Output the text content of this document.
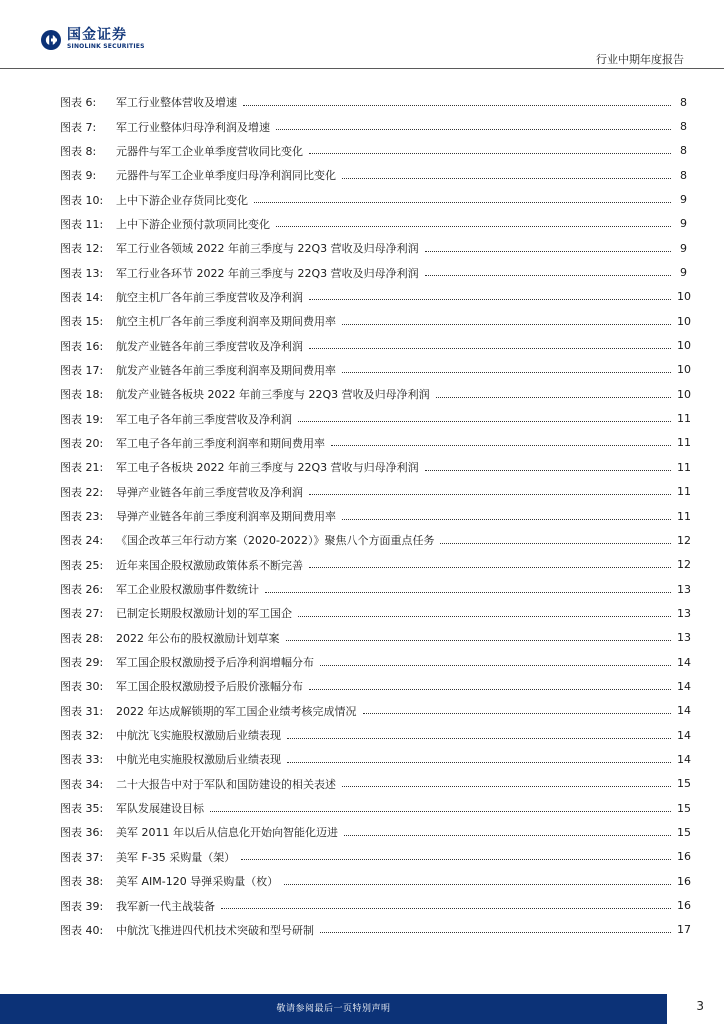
国金证券
SINOLINK SECURITIES
行业中期年度报告
图表 6:	军工行业整体营收及增速	8
图表 7:	军工行业整体归母净利润及增速	8
图表 8:	元器件与军工企业单季度营收同比变化	8
图表 9:	元器件与军工企业单季度归母净利润同比变化	8
图表 10:	上中下游企业存货同比变化	9
图表 11:	上中下游企业预付款项同比变化	9
图表 12:	军工行业各领域 2022 年前三季度与 22Q3 营收及归母净利润	9
图表 13:	军工行业各环节 2022 年前三季度与 22Q3 营收及归母净利润	9
图表 14:	航空主机厂各年前三季度营收及净利润	10
图表 15:	航空主机厂各年前三季度利润率及期间费用率	10
图表 16:	航发产业链各年前三季度营收及净利润	10
图表 17:	航发产业链各年前三季度利润率及期间费用率	10
图表 18:	航发产业链各板块 2022 年前三季度与 22Q3 营收及归母净利润	10
图表 19:	军工电子各年前三季度营收及净利润	11
图表 20:	军工电子各年前三季度利润率和期间费用率	11
图表 21:	军工电子各板块 2022 年前三季度与 22Q3 营收与归母净利润	11
图表 22:	导弹产业链各年前三季度营收及净利润	11
图表 23:	导弹产业链各年前三季度利润率及期间费用率	11
图表 24:	《国企改革三年行动方案（2020-2022）》聚焦八个方面重点任务	12
图表 25:	近年来国企股权激励政策体系不断完善	12
图表 26:	军工企业股权激励事件数统计	13
图表 27:	已制定长期股权激励计划的军工国企	13
图表 28:	2022 年公布的股权激励计划草案	13
图表 29:	军工国企股权激励授予后净利润增幅分布	14
图表 30:	军工国企股权激励授予后股价涨幅分布	14
图表 31:	2022 年达成解锁期的军工国企业绩考核完成情况	14
图表 32:	中航沈飞实施股权激励后业绩表现	14
图表 33:	中航光电实施股权激励后业绩表现	14
图表 34:	二十大报告中对于军队和国防建设的相关表述	15
图表 35:	军队发展建设目标	15
图表 36:	美军 2011 年以后从信息化开始向智能化迈进	15
图表 37:	美军 F-35 采购量（架）	16
图表 38:	美军 AIM-120 导弹采购量（枚）	16
图表 39:	我军新一代主战装备	16
图表 40:	中航沈飞推进四代机技术突破和型号研制	17
敬请参阅最后一页特别声明	3
